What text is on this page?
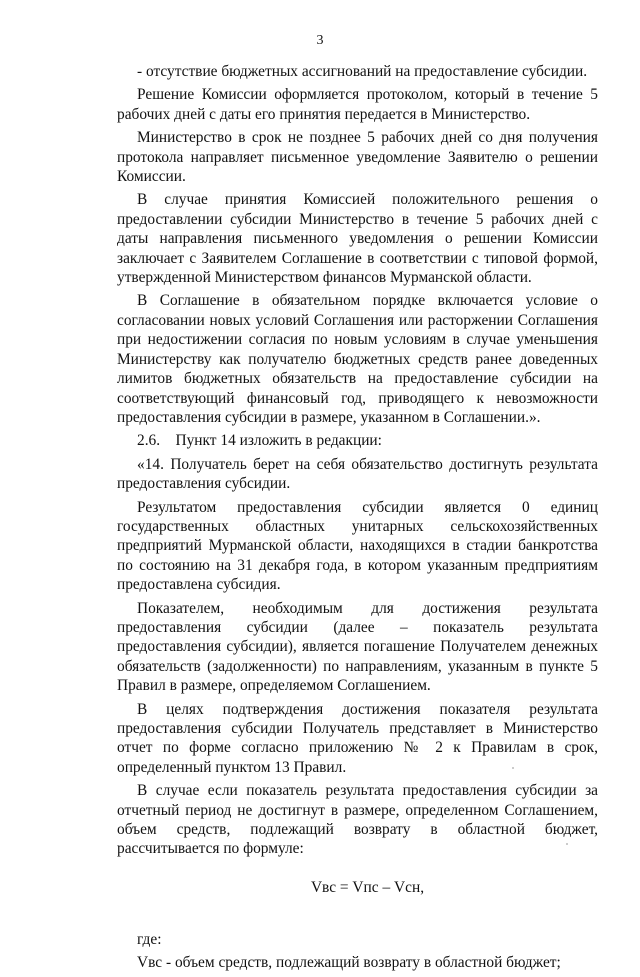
3

- отсутствие бюджетных ассигнований на предоставление субсидии.

Решение Комиссии оформляется протоколом, который в течение 5 рабочих дней с даты его принятия передается в Министерство.

Министерство в срок не позднее 5 рабочих дней со дня получения протокола направляет письменное уведомление Заявителю о решении Комиссии.

В случае принятия Комиссией положительного решения о предоставлении субсидии Министерство в течение 5 рабочих дней с даты направления письменного уведомления о решении Комиссии заключает с Заявителем Соглашение в соответствии с типовой формой, утвержденной Министерством финансов Мурманской области.

В Соглашение в обязательном порядке включается условие о согласовании новых условий Соглашения или расторжении Соглашения при недостижении согласия по новым условиям в случае уменьшения Министерству как получателю бюджетных средств ранее доведенных лимитов бюджетных обязательств на предоставление субсидии на соответствующий финансовый год, приводящего к невозможности предоставления субсидии в размере, указанном в Соглашении.».

2.6.    Пункт 14 изложить в редакции:

«14. Получатель берет на себя обязательство достигнуть результата предоставления субсидии.

Результатом предоставления субсидии является 0 единиц государственных областных унитарных сельскохозяйственных предприятий Мурманской области, находящихся в стадии банкротства по состоянию на 31 декабря года, в котором указанным предприятиям предоставлена субсидия.

Показателем, необходимым для достижения результата предоставления субсидии (далее – показатель результата предоставления субсидии), является погашение Получателем денежных обязательств (задолженности) по направлениям, указанным в пункте 5 Правил в размере, определяемом Соглашением.

В целях подтверждения достижения показателя результата предоставления субсидии Получатель представляет в Министерство отчет по форме согласно приложению № 2 к Правилам в срок, определенный пунктом 13 Правил.

В случае если показатель результата предоставления субсидии за отчетный период не достигнут в размере, определенном Соглашением, объем средств, подлежащий возврату в областной бюджет, рассчитывается по формуле:

Vвс = Vпс – Vсн,

где:

Vвс - объем средств, подлежащий возврату в областной бюджет;
